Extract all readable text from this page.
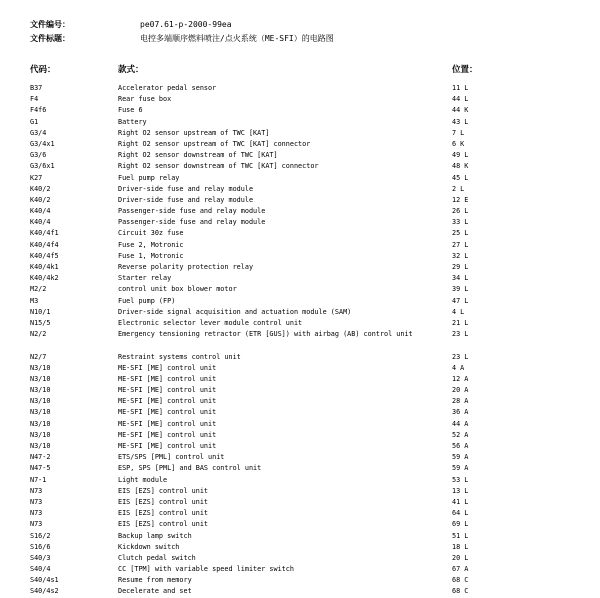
文件编号：	pe07.61-p-2000-99ea
文件标题：	电控多端顺序燃料喷注/点火系统（ME-SFI）的电路图
代码：	款式：	位置：
B37	Accelerator pedal sensor	11 L
F4	Rear fuse box	44 L
F4f6	Fuse 6	44 K
G1	Battery	43 L
G3/4	Right O2 sensor upstream of TWC [KAT]	7 L
G3/4x1	Right O2 sensor upstream of TWC [KAT] connector	6 K
G3/6	Right O2 sensor downstream of TWC [KAT]	49 L
G3/6x1	Right O2 sensor downstream of TWC [KAT] connector	48 K
K27	Fuel pump relay	45 L
K40/2	Driver-side fuse and relay module	2 L
K40/2	Driver-side fuse and relay module	12 E
K40/4	Passenger-side fuse and relay module	26 L
K40/4	Passenger-side fuse and relay module	33 L
K40/4f1	Circuit 30z fuse	25 L
K40/4f4	Fuse 2, Motronic	27 L
K40/4f5	Fuse 1, Motronic	32 L
K40/4k1	Reverse polarity protection relay	29 L
K40/4k2	Starter relay	34 L
M2/2	control unit box blower motor	39 L
M3	Fuel pump (FP)	47 L
N10/1	Driver-side signal acquisition and actuation module (SAM)	4 L
N15/5	Electronic selector lever module control unit	21 L
N2/2	Emergency tensioning retractor (ETR [GUS]) with airbag (AB) control unit	23 L
N2/7	Restraint systems control unit	23 L
N3/10	ME-SFI [ME] control unit	4 A
N3/10	ME-SFI [ME] control unit	12 A
N3/10	ME-SFI [ME] control unit	20 A
N3/10	ME-SFI [ME] control unit	28 A
N3/10	ME-SFI [ME] control unit	36 A
N3/10	ME-SFI [ME] control unit	44 A
N3/10	ME-SFI [ME] control unit	52 A
N3/10	ME-SFI [ME] control unit	56 A
N47-2	ETS/SPS [PML] control unit	59 A
N47-5	ESP, SPS [PML] and BAS control unit	59 A
N7-1	Light module	53 L
N73	EIS [EZS] control unit	13 L
N73	EIS [EZS] control unit	41 L
N73	EIS [EZS] control unit	64 L
N73	EIS [EZS] control unit	69 L
S16/2	Backup lamp switch	51 L
S16/6	Kickdown switch	18 L
S40/3	Clutch pedal switch	20 L
S40/4	CC [TPM] with variable speed limiter switch	67 A
S40/4s1	Resume from memory	68 C
S40/4s2	Decelerate and set	68 C
